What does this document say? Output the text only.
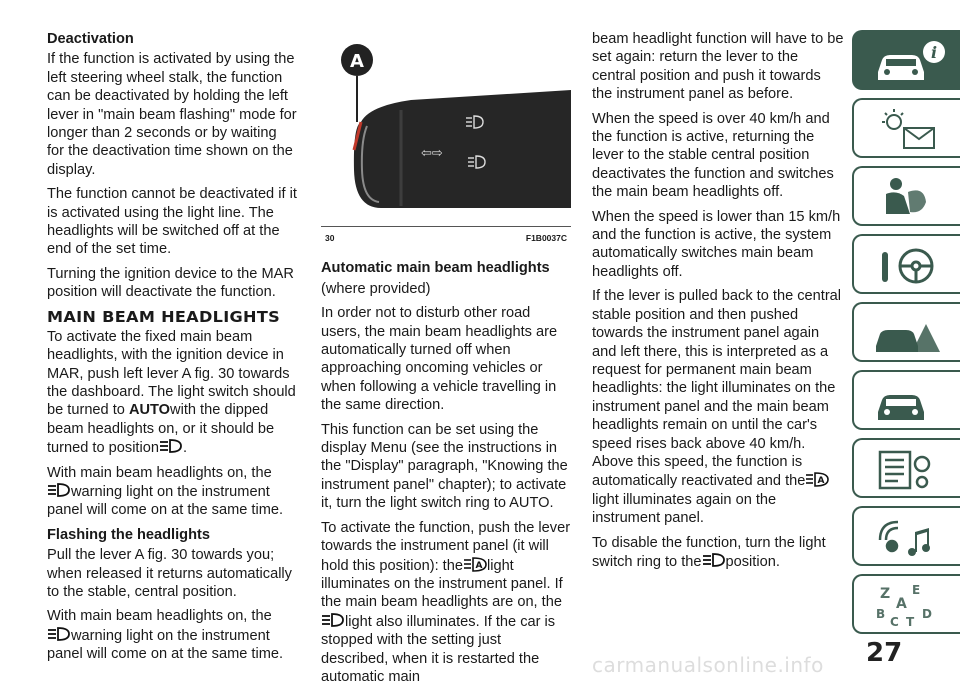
Deactivation

If the function is activated by using the left steering wheel stalk, the function can be deactivated by holding the left lever in "main beam flashing" mode for longer than 2 seconds or by waiting for the deactivation time shown on the display.

The function cannot be deactivated if it is activated using the light line. The headlights will be switched off at the end of the set time.

Turning the ignition device to the MAR position will deactivate the function.

MAIN BEAM HEADLIGHTS

To activate the fixed main beam headlights, with the ignition device in MAR, push left lever A fig. 30 towards the dashboard. The light switch should be turned to AUTOwith the dipped beam headlights on, or it should be turned to position .

With main beam headlights on, the
warning light on the instrument panel will come on at the same time.

Flashing the headlights

Pull the lever A fig. 30 towards you; when released it returns automatically to the stable, central position.

With main beam headlights on, the
warning light on the instrument panel will come on at the same time.

A
⇦⇨
30	F1B0037C
Automatic main beam headlights

(where provided)

In order not to disturb other road users, the main beam headlights are automatically turned off when approaching oncoming vehicles or when following a vehicle travelling in the same direction.

This function can be set using the display Menu (see the instructions in the "Display" paragraph, "Knowing the instrument panel" chapter); to activate it, turn the light switch ring to AUTO.

To activate the function, push the lever towards the instrument panel (it will hold this position): the A light illuminates on the instrument panel. If the main beam headlights are on, the
light also illuminates. If the car is stopped with the setting just described, when it is restarted the automatic main

beam headlight function will have to be set again: return the lever to the central position and push it towards the instrument panel as before.

When the speed is over 40 km/h and the function is active, returning the lever to the stable central position deactivates the function and switches the main beam headlights off.

When the speed is lower than 15 km/h and the function is active, the system automatically switches main beam headlights off.

If the lever is pulled back to the central stable position and then pushed towards the instrument panel again and left there, this is interpreted as a request for permanent main beam headlights: the light illuminates on the instrument panel and the main beam headlights remain on until the car's speed rises back above 40 km/h. Above this speed, the function is automatically reactivated and the A
light illuminates again on the instrument panel.

To disable the function, turn the light switch ring to the position.

i
Z E
A
B
C T
D
27
carmanualsonline.info
